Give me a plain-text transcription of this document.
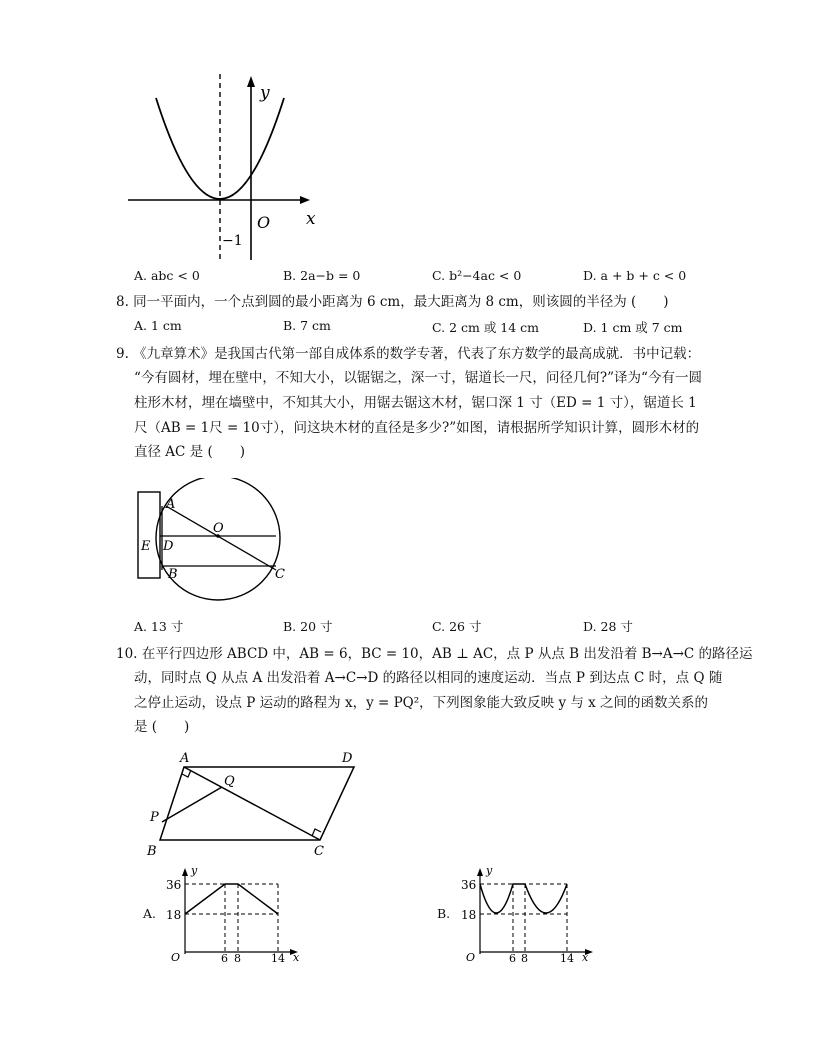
y
x
O
−1
A. abc < 0	B. 2a−b = 0	C. b²−4ac < 0	D. a + b + c < 0
8. 同一平面内，一个点到圆的最小距离为 6 cm，最大距离为 8 cm，则该圆的半径为 (　　)
A. 1 cm	B. 7 cm	C. 2 cm 或 14 cm	D. 1 cm 或 7 cm
9. 《九章算术》是我国古代第一部自成体系的数学专著，代表了东方数学的最高成就．书中记载：
“今有圆材，埋在壁中，不知大小，以锯锯之，深一寸，锯道长一尺，问径几何?”译为“今有一圆
柱形木材，埋在墙壁中，不知其大小，用锯去锯这木材，锯口深 1 寸（ED = 1 寸），锯道长 1
尺（AB = 1尺 = 10寸），问这块木材的直径是多少?”如图，请根据所学知识计算，圆形木材的
直径 AC 是 (　　)
A
O
E D
B	C
A. 13 寸	B. 20 寸	C. 26 寸	D. 28 寸
10. 在平行四边形 ABCD 中，AB = 6，BC = 10，AB ⊥ AC，点 P 从点 B 出发沿着 B→A→C 的路径运
动，同时点 Q 从点 A 出发沿着 A→C→D 的路径以相同的速度运动．当点 P 到达点 C 时，点 Q 随
之停止运动，设点 P 运动的路程为 x，y = PQ²，下列图象能大致反映 y 与 x 之间的函数关系的
是 (　　)
A	D
Q
P
B	C
A.
36
18
6 8	14 x
y
O
B.
36
18
6 8	14 x
y
O
